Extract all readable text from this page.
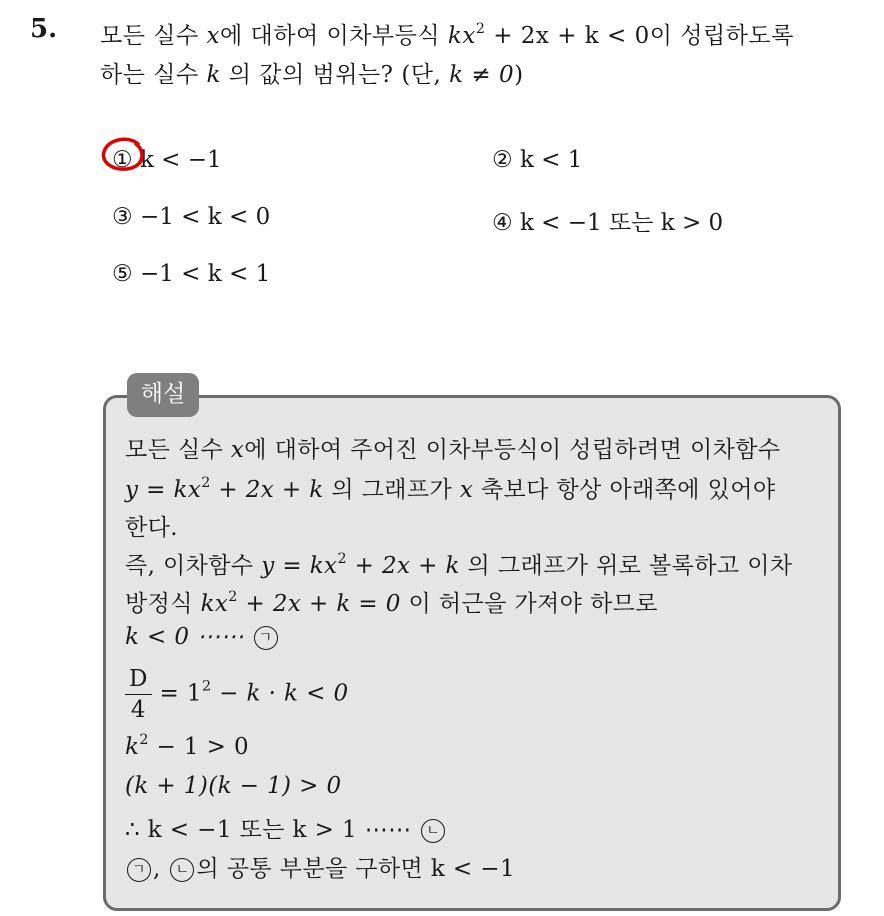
5. 모든 실수 x에 대하여 이차부등식 $kx^2 + 2x + k < 0$이 성립하도록
하는 실수 k 의 값의 범위는? (단, k ≠ 0)
① k < −1	② k < 1
③ −1 < k < 0	④ k < −1 또는 k > 0
⑤ −1 < k < 1
해설
모든 실수 x에 대하여 주어진 이차부등식이 성립하려면 이차함수
$y = kx^2 + 2x + k$ 의 그래프가 x 축보다 항상 아래쪽에 있어야
한다.
즉, 이차함수 $y = kx^2 + 2x + k$ 의 그래프가 위로 볼록하고 이차
방정식 $kx^2 + 2x + k = 0$ 이 허근을 가져야 하므로
k < 0 ⋯⋯ ㄱ
$\frac{D}{4} = 1^2 - k \cdot k < 0$
$k^2 - 1 > 0$
(k + 1)(k − 1) > 0
∴ k < −1 또는 k > 1 ⋯⋯ ㄴ
ㄱ , ㄴ 의 공통 부분을 구하면 k < −1
